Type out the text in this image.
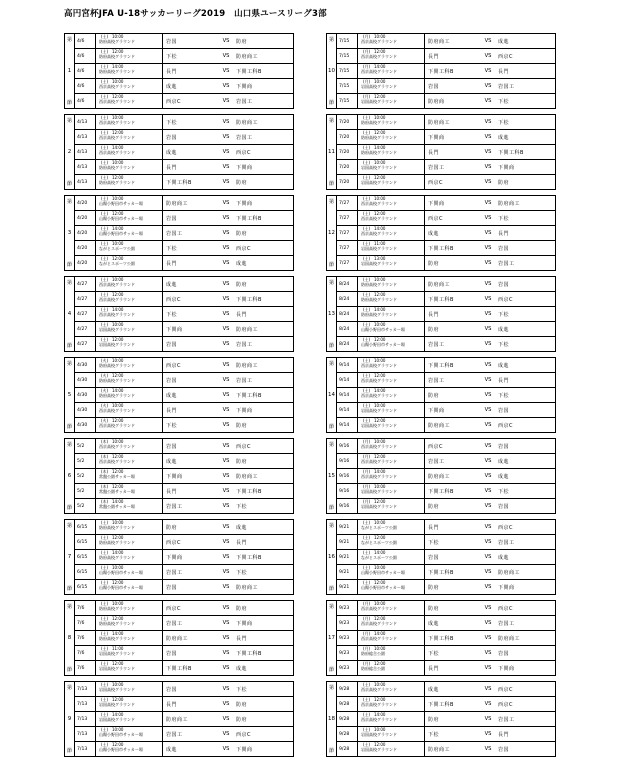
高円宮杯JFA U-18サッカーリーグ2019　山口県ユースリーグ3部
第
1
節
4/6
(土) 10:00
防府高校グラウンド	岩国	VS	防府
4/6
(土) 12:00
防府高校グラウンド	下松	VS	防府商工
4/6
(土) 14:00
防府高校グラウンド	長門	VS	下関工科B
4/6
(土) 10:00
西京高校グラウンド	成進	VS	下関商
4/6
(土) 12:00
西京高校グラウンド	西京C	VS	岩国工
第
2
節
4/13
(土) 10:00
西京高校グラウンド	下松	VS	防府商工
4/13
(土) 12:00
西京高校グラウンド	岩国	VS	岩国工
4/13
(土) 14:00
西京高校グラウンド	成進	VS	西京C
4/13
(土) 10:00
防府高校グラウンド	長門	VS	下関商
4/13
(土) 12:00
防府高校グラウンド	下関工科B	VS	防府
第
3
節
4/20
(土) 10:00
山陽小野田市サッカー場	防府商工	VS	下関商
4/20
(土) 12:00
山陽小野田市サッカー場	岩国	VS	下関工科B
4/20
(土) 14:00
山陽小野田市サッカー場	岩国工	VS	防府
4/20
(土) 10:00
ながとスポーツ公園	下松	VS	西京C
4/20
(土) 12:00
ながとスポーツ公園	長門	VS	成進
第
4
節
4/27
(土) 10:00
西京高校グラウンド	成進	VS	防府
4/27
(土) 12:00
西京高校グラウンド	西京C	VS	下関工科B
4/27
(土) 14:00
西京高校グラウンド	下松	VS	長門
4/27
(土) 10:00
岩国高校グラウンド	下関商	VS	防府商工
4/27
(土) 12:00
岩国高校グラウンド	岩国	VS	岩国工
第
5
節
4/30
(火) 10:00
防府高校グラウンド	西京C	VS	防府商工
4/30
(火) 12:00
防府高校グラウンド	岩国	VS	岩国工
4/30
(火) 14:00
防府高校グラウンド	成進	VS	下関工科B
4/30
(火) 10:00
西京高校グラウンド	長門	VS	下関商
4/30
(火) 12:00
西京高校グラウンド	下松	VS	防府
第
6
節
5/2
(木) 10:00
西京高校グラウンド	岩国	VS	西京C
5/2
(木) 12:00
西京高校グラウンド	成進	VS	防府
5/2
(木) 12:00
常盤公園サッカー場	下関商	VS	防府商工
5/2
(木) 12:00
常盤公園サッカー場	長門	VS	下関工科B
5/2
(木) 14:00
常盤公園サッカー場	岩国工	VS	下松
第
7
節
6/15
(土) 10:00
防府高校グラウンド	防府	VS	成進
6/15
(土) 12:00
防府高校グラウンド	西京C	VS	長門
6/15
(土) 14:00
防府高校グラウンド	下関商	VS	下関工科B
6/15
(土) 10:00
山陽小野田市サッカー場	岩国工	VS	下松
6/15
(土) 12:00
山陽小野田市サッカー場	岩国	VS	防府商工
第
8
節
7/6
(土) 10:00
防府高校グラウンド	西京C	VS	防府
7/6
(土) 12:00
防府高校グラウンド	岩国工	VS	下関商
7/6
(土) 14:00
防府高校グラウンド	防府商工	VS	長門
7/6
(土) 11:00
岩国高校グラウンド	岩国	VS	下関工科B
7/6
(土) 12:00
岩国高校グラウンド	下関工科B	VS	成進
第
9
節
7/13
(土) 10:00
岩国高校グラウンド	岩国	VS	下松
7/13
(土) 12:00
岩国高校グラウンド	長門	VS	防府
7/13
(土) 14:00
岩国高校グラウンド	防府商工	VS	防府
7/13
(土) 10:00
山陽小野田市サッカー場	岩国工	VS	西京C
7/13
(土) 12:00
山陽小野田市サッカー場	成進	VS	下関商
第
10
節
7/15
(月) 10:00
西京高校グラウンド	防府商工	VS	成進
7/15
(月) 12:00
西京高校グラウンド	長門	VS	西京C
7/15
(月) 14:00
西京高校グラウンド	下関工科B	VS	長門
7/15
(月) 10:00
岩国高校グラウンド	岩国	VS	岩国工
7/15
(月) 12:00
岩国高校グラウンド	防府商	VS	下松
第
11
節
7/20
(土) 10:00
防府高校グラウンド	防府商工	VS	下松
7/20
(土) 12:00
防府高校グラウンド	下関商	VS	成進
7/20
(土) 14:00
防府高校グラウンド	長門	VS	下関工科B
7/20
(土) 10:00
岩国高校グラウンド	岩国工	VS	下関商
7/20
(土) 12:00
岩国高校グラウンド	西京C	VS	防府
第
12
節
7/27
(土) 10:00
西京高校グラウンド	下関商	VS	防府商工
7/27
(土) 12:00
西京高校グラウンド	西京C	VS	下松
7/27
(土) 14:00
西京高校グラウンド	成進	VS	長門
7/27
(土) 11:00
岩国高校グラウンド	下関工科B	VS	岩国
7/27
(土) 13:00
岩国高校グラウンド	防府	VS	岩国工
第
13
節
8/24
(土) 10:00
防府高校グラウンド	防府商工	VS	岩国
8/24
(土) 12:00
防府高校グラウンド	下関工科B	VS	西京C
8/24
(土) 14:00
防府高校グラウンド	長門	VS	下松
8/24
(土) 10:00
山陽小野田市サッカー場	防府	VS	成進
8/24
(土) 12:00
山陽小野田市サッカー場	岩国工	VS	下松
第
14
節
9/14
(土) 10:00
西京高校グラウンド	下関工科B	VS	成進
9/14
(土) 12:00
西京高校グラウンド	岩国工	VS	長門
9/14
(土) 14:00
西京高校グラウンド	防府	VS	下松
9/14
(土) 10:00
岩国高校グラウンド	下関商	VS	岩国
9/14
(土) 12:00
岩国高校グラウンド	防府商工	VS	西京C
第
15
節
9/16
(月) 10:00
西京高校グラウンド	西京C	VS	岩国
9/16
(月) 12:00
西京高校グラウンド	岩国工	VS	成進
9/16
(月) 14:00
西京高校グラウンド	防府商工	VS	成進
9/16
(月) 10:00
岩国高校グラウンド	下関工科B	VS	下松
9/16
(月) 12:00
岩国高校グラウンド	防府	VS	岩国
第
16
節
9/21
(土) 10:00
ながとスポーツ公園	長門	VS	西京C
9/21
(土) 12:00
ながとスポーツ公園	下松	VS	岩国工
9/21
(土) 14:00
ながとスポーツ公園	岩国	VS	成進
9/21
(土) 10:00
山陽小野田市サッカー場	下関工科B	VS	防府商工
9/21
(土) 12:00
山陽小野田市サッカー場	防府	VS	下関商
第
17
節
9/23
(月) 10:00
西京高校グラウンド	防府	VS	西京C
9/23
(月) 12:00
西京高校グラウンド	成進	VS	岩国工
9/23
(月) 14:00
西京高校グラウンド	下関工科B	VS	防府商工
9/23
(月) 10:00
防府総合公園	下松	VS	岩国
9/23
(月) 12:00
防府総合公園	長門	VS	下関商
第
18
節
9/28
(土) 10:00
西京高校グラウンド	成進	VS	西京C
9/28
(土) 12:00
西京高校グラウンド	下関工科B	VS	西京C
9/28
(土) 14:00
西京高校グラウンド	防府	VS	岩国工
9/28
(土) 10:00
岩国高校グラウンド	下松	VS	長門
9/28
(土) 12:00
岩国高校グラウンド	防府商工	VS	岩国
